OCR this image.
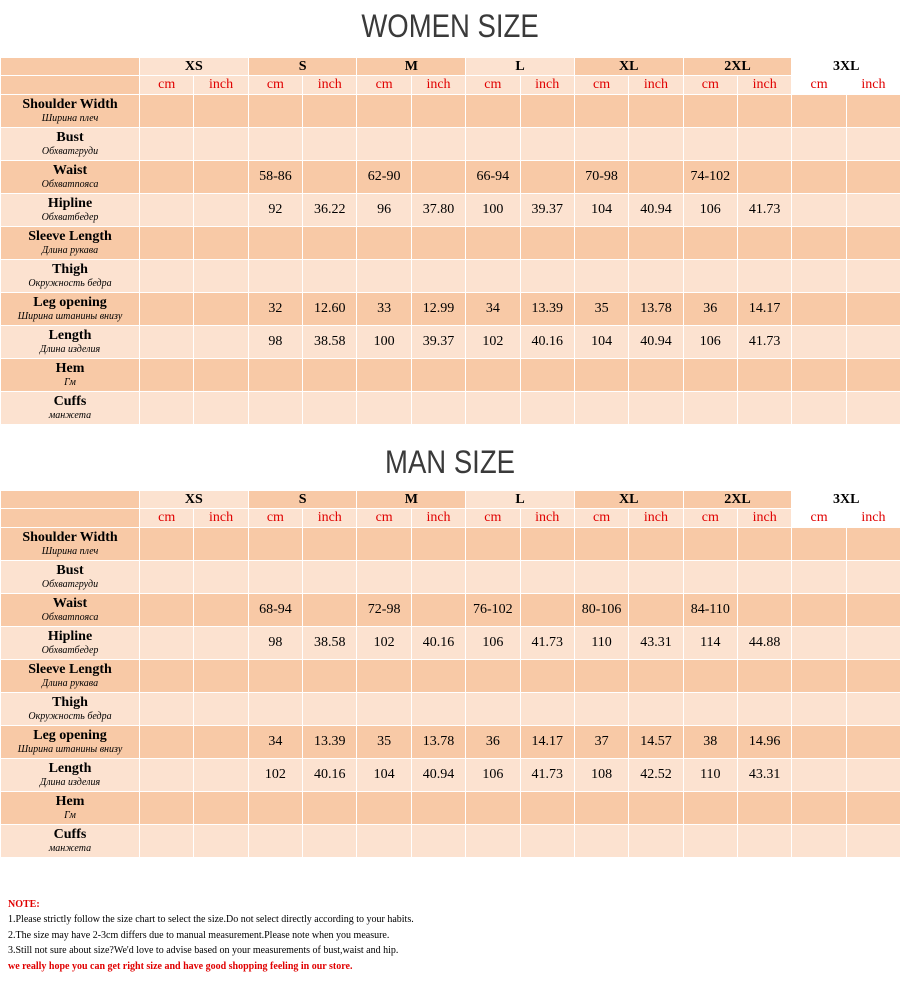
WOMEN SIZE
	XS		S		M		L		XL		2XL		3XL	
	cm	inch	cm	inch	cm	inch	cm	inch	cm	inch	cm	inch	cm	inch

Shoulder Width
Ширина плеч														

Bust
Обхватгруди														

Waist
Обхватпояса			58-86		62-90		66-94		70-98		74-102			

Hipline
Обхватбедер			92	36.22	96	37.80	100	39.37	104	40.94	106	41.73		

Sleeve Length
Длина рукава														

Thigh
Окружность бедра														

Leg opening
Ширина штанины внизу			32	12.60	33	12.99	34	13.39	35	13.78	36	14.17		

Length
Длина изделия			98	38.58	100	39.37	102	40.16	104	40.94	106	41.73		

Hem
Гм														

Cuffs
манжета														

MAN SIZE
	XS		S		M		L		XL		2XL		3XL	
	cm	inch	cm	inch	cm	inch	cm	inch	cm	inch	cm	inch	cm	inch

Shoulder Width
Ширина плеч														

Bust
Обхватгруди														

Waist
Обхватпояса			68-94		72-98		76-102		80-106		84-110			

Hipline
Обхватбедер			98	38.58	102	40.16	106	41.73	110	43.31	114	44.88		

Sleeve Length
Длина рукава														

Thigh
Окружность бедра														

Leg opening
Ширина штанины внизу			34	13.39	35	13.78	36	14.17	37	14.57	38	14.96		

Length
Длина изделия			102	40.16	104	40.94	106	41.73	108	42.52	110	43.31		

Hem
Гм														

Cuffs
манжета														

NOTE:
1.Please strictly follow the size chart to select the size.Do not select directly according to your habits.
2.The size may have 2-3cm differs due to manual measurement.Please note when you measure.
3.Still not sure about size?We'd love to advise based on your measurements of bust,waist and hip.
we really hope you can get right size and have good shopping feeling in our store.
